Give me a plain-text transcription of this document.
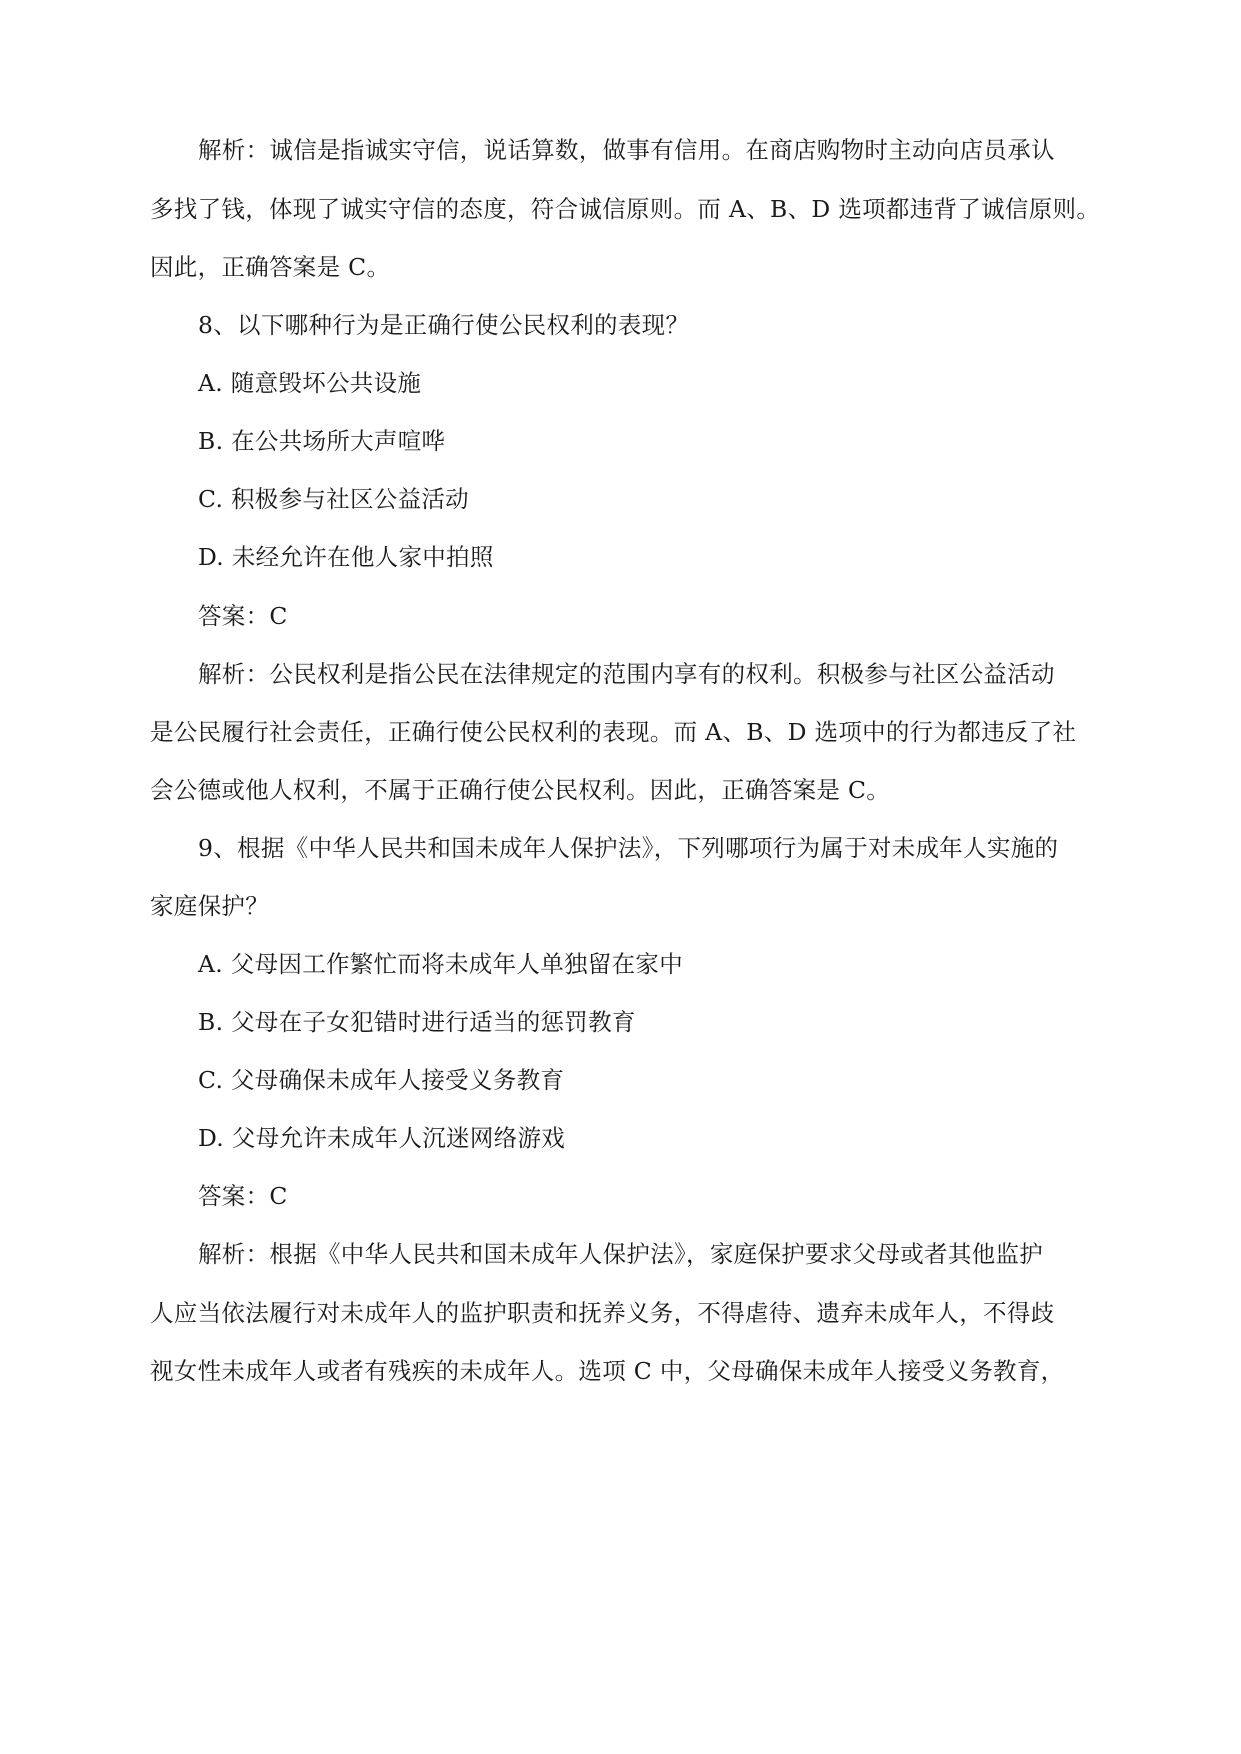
解析：诚信是指诚实守信，说话算数，做事有信用。在商店购物时主动向店员承认
多找了钱，体现了诚实守信的态度，符合诚信原则。而 A、B、D 选项都违背了诚信原则。
因此，正确答案是 C。
8、以下哪种行为是正确行使公民权利的表现？
A. 随意毁坏公共设施
B. 在公共场所大声喧哗
C. 积极参与社区公益活动
D. 未经允许在他人家中拍照
答案：C
解析：公民权利是指公民在法律规定的范围内享有的权利。积极参与社区公益活动
是公民履行社会责任，正确行使公民权利的表现。而 A、B、D 选项中的行为都违反了社
会公德或他人权利，不属于正确行使公民权利。因此，正确答案是 C。
9、根据《中华人民共和国未成年人保护法》，下列哪项行为属于对未成年人实施的
家庭保护？
A. 父母因工作繁忙而将未成年人单独留在家中
B. 父母在子女犯错时进行适当的惩罚教育
C. 父母确保未成年人接受义务教育
D. 父母允许未成年人沉迷网络游戏
答案：C
解析：根据《中华人民共和国未成年人保护法》，家庭保护要求父母或者其他监护
人应当依法履行对未成年人的监护职责和抚养义务，不得虐待、遗弃未成年人，不得歧
视女性未成年人或者有残疾的未成年人。选项 C 中，父母确保未成年人接受义务教育，
